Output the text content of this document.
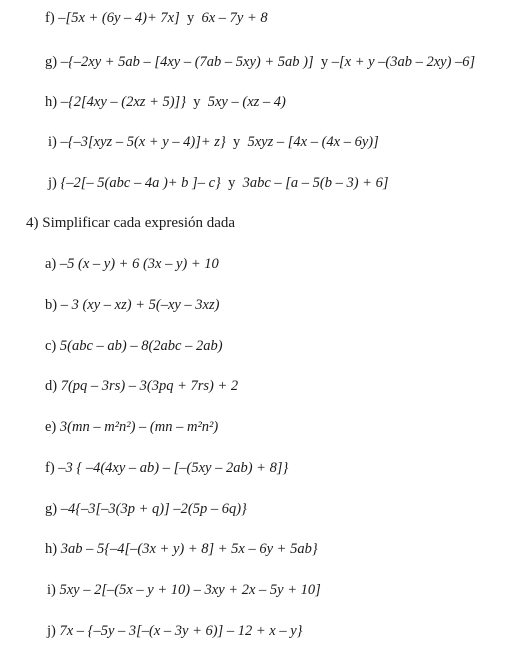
f) –[5x + (6y – 4)+ 7x] y 6x – 7y + 8
g) –{–2xy + 5ab – [4xy – (7ab – 5xy) + 5ab )] y –[x + y –(3ab – 2xy) –6]
h) –{2[4xy – (2xz + 5)]} y 5xy – (xz – 4)
i) –{–3[xyz – 5(x + y – 4)]+ z} y 5xyz – [4x – (4x – 6y)]
j) {–2[– 5(abc – 4a )+ b ]– c} y 3abc – [a – 5(b – 3) + 6]
4) Simplificar cada expresión dada
a) –5 (x – y) + 6 (3x – y) + 10
b) – 3 (xy – xz) + 5(–xy – 3xz)
c) 5(abc – ab) – 8(2abc – 2ab)
d) 7(pq – 3rs) – 3(3pq + 7rs) + 2
e) 3(mn – m²n²) – (mn – m²n²)
f) –3 { –4(4xy – ab) – [–(5xy – 2ab) + 8]}
g) –4{–3[–3(3p + q)] –2(5p – 6q)}
h) 3ab – 5{–4[–(3x + y) + 8] + 5x – 6y + 5ab}
i) 5xy – 2[–(5x – y + 10) – 3xy + 2x – 5y + 10]
j) 7x – {–5y – 3[–(x – 3y + 6)] – 12 + x – y}
